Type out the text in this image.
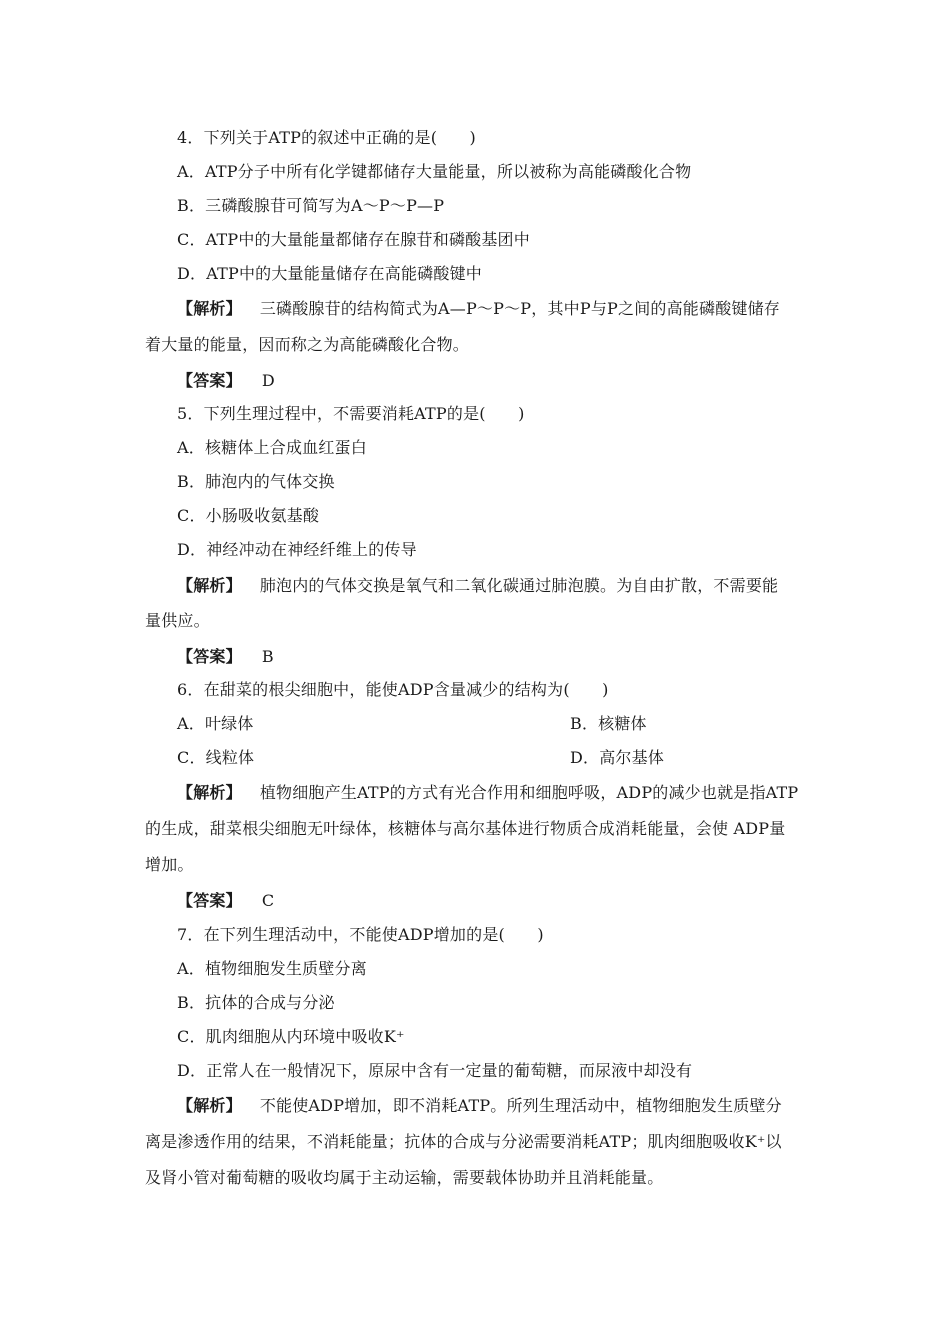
4．下列关于ATP的叙述中正确的是(　　)
A．ATP分子中所有化学键都储存大量能量，所以被称为高能磷酸化合物
B．三磷酸腺苷可简写为A～P～P—P
C．ATP中的大量能量都储存在腺苷和磷酸基团中
D．ATP中的大量能量储存在高能磷酸键中
【解析】 三磷酸腺苷的结构简式为A—P～P～P，其中P与P之间的高能磷酸键储存
着大量的能量，因而称之为高能磷酸化合物。
【答案】 D
5．下列生理过程中，不需要消耗ATP的是(　　)
A．核糖体上合成血红蛋白
B．肺泡内的气体交换
C．小肠吸收氨基酸
D．神经冲动在神经纤维上的传导
【解析】 肺泡内的气体交换是氧气和二氧化碳通过肺泡膜。为自由扩散，不需要能
量供应。
【答案】 B
6．在甜菜的根尖细胞中，能使ADP含量减少的结构为(　　)
A．叶绿体	B．核糖体
C．线粒体	D．高尔基体
【解析】 植物细胞产生ATP的方式有光合作用和细胞呼吸，ADP的减少也就是指ATP
的生成，甜菜根尖细胞无叶绿体，核糖体与高尔基体进行物质合成消耗能量，会使 ADP量
增加。
【答案】 C
7．在下列生理活动中，不能使ADP增加的是(　　)
A．植物细胞发生质壁分离
B．抗体的合成与分泌
C．肌肉细胞从内环境中吸收K⁺
D．正常人在一般情况下，原尿中含有一定量的葡萄糖，而尿液中却没有
【解析】 不能使ADP增加，即不消耗ATP。所列生理活动中，植物细胞发生质壁分
离是渗透作用的结果，不消耗能量；抗体的合成与分泌需要消耗ATP；肌肉细胞吸收K⁺以
及肾小管对葡萄糖的吸收均属于主动运输，需要载体协助并且消耗能量。
